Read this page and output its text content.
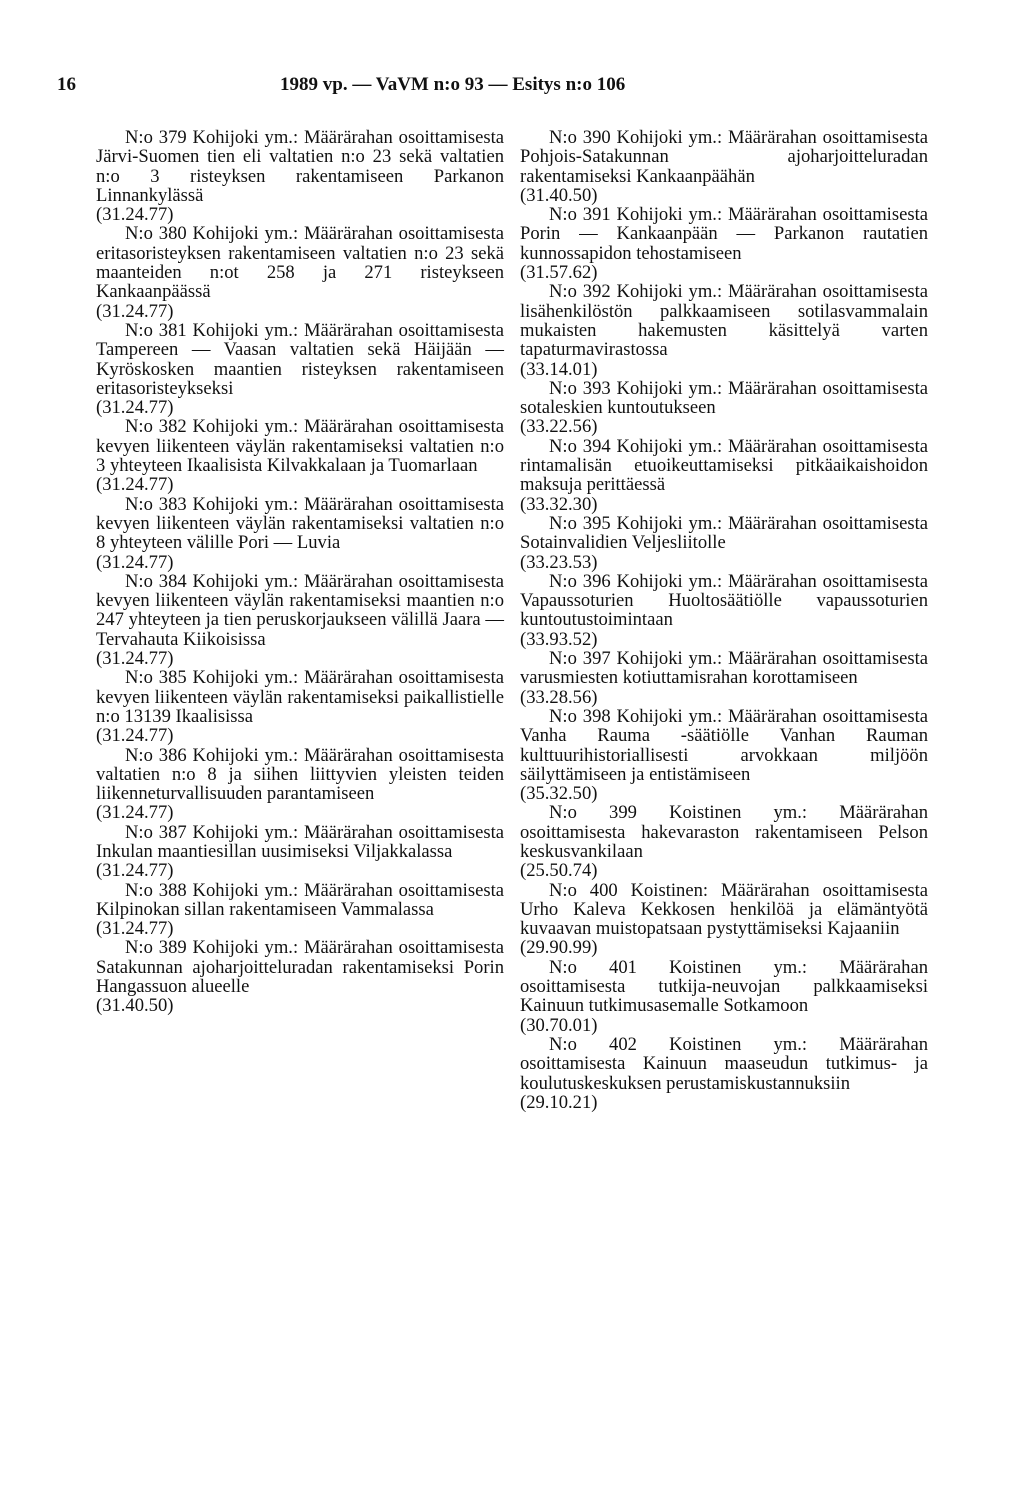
16	1989 vp. — VaVM n:o 93 — Esitys n:o 106
N:o 379 Kohijoki ym.: Määrärahan osoittamisesta Järvi-Suomen tien eli valtatien n:o 23 sekä valtatien n:o 3 risteyksen rakentamiseen Parkanon Linnankylässä
(31.24.77)
N:o 380 Kohijoki ym.: Määrärahan osoittamisesta eritasoristeyksen rakentamiseen valtatien n:o 23 sekä maanteiden n:ot 258 ja 271 risteykseen Kankaanpäässä
(31.24.77)
N:o 381 Kohijoki ym.: Määrärahan osoittamisesta Tampereen — Vaasan valtatien sekä Häijään — Kyröskosken maantien risteyksen rakentamiseen eritasoristeykseksi
(31.24.77)
N:o 382 Kohijoki ym.: Määrärahan osoittamisesta kevyen liikenteen väylän rakentamiseksi valtatien n:o 3 yhteyteen Ikaalisista Kilvakkalaan ja Tuomarlaan
(31.24.77)
N:o 383 Kohijoki ym.: Määrärahan osoittamisesta kevyen liikenteen väylän rakentamiseksi valtatien n:o 8 yhteyteen välille Pori — Luvia
(31.24.77)
N:o 384 Kohijoki ym.: Määrärahan osoittamisesta kevyen liikenteen väylän rakentamiseksi maantien n:o 247 yhteyteen ja tien peruskorjaukseen välillä Jaara — Tervahauta Kiikoisissa
(31.24.77)
N:o 385 Kohijoki ym.: Määrärahan osoittamisesta kevyen liikenteen väylän rakentamiseksi paikallistielle n:o 13139 Ikaalisissa
(31.24.77)
N:o 386 Kohijoki ym.: Määrärahan osoittamisesta valtatien n:o 8 ja siihen liittyvien yleisten teiden liikenneturvallisuuden parantamiseen
(31.24.77)
N:o 387 Kohijoki ym.: Määrärahan osoittamisesta Inkulan maantiesillan uusimiseksi Viljakkalassa
(31.24.77)
N:o 388 Kohijoki ym.: Määrärahan osoittamisesta Kilpinokan sillan rakentamiseen Vammalassa
(31.24.77)
N:o 389 Kohijoki ym.: Määrärahan osoittamisesta Satakunnan ajoharjoitteluradan rakentamiseksi Porin Hangassuon alueelle
(31.40.50)
N:o 390 Kohijoki ym.: Määrärahan osoittamisesta Pohjois-Satakunnan ajoharjoitteluradan rakentamiseksi Kankaanpäähän
(31.40.50)
N:o 391 Kohijoki ym.: Määrärahan osoittamisesta Porin — Kankaanpään — Parkanon rautatien kunnossapidon tehostamiseen
(31.57.62)
N:o 392 Kohijoki ym.: Määrärahan osoittamisesta lisähenkilöstön palkkaamiseen sotilasvammalain mukaisten hakemusten käsittelyä varten tapaturmavirastossa
(33.14.01)
N:o 393 Kohijoki ym.: Määrärahan osoittamisesta sotaleskien kuntoutukseen
(33.22.56)
N:o 394 Kohijoki ym.: Määrärahan osoittamisesta rintamalisän etuoikeuttamiseksi pitkäaikaishoidon maksuja perittäessä
(33.32.30)
N:o 395 Kohijoki ym.: Määrärahan osoittamisesta Sotainvalidien Veljesliitolle
(33.23.53)
N:o 396 Kohijoki ym.: Määrärahan osoittamisesta Vapaussoturien Huoltosäätiölle vapaussoturien kuntoutustoimintaan
(33.93.52)
N:o 397 Kohijoki ym.: Määrärahan osoittamisesta varusmiesten kotiuttamisrahan korottamiseen
(33.28.56)
N:o 398 Kohijoki ym.: Määrärahan osoittamisesta Vanha Rauma -säätiölle Vanhan Rauman kulttuurihistoriallisesti arvokkaan miljöön säilyttämiseen ja entistämiseen
(35.32.50)
N:o 399 Koistinen ym.: Määrärahan osoittamisesta hakevaraston rakentamiseen Pelson keskusvankilaan
(25.50.74)
N:o 400 Koistinen: Määrärahan osoittamisesta Urho Kaleva Kekkosen henkilöä ja elämäntyötä kuvaavan muistopatsaan pystyttämiseksi Kajaaniin
(29.90.99)
N:o 401 Koistinen ym.: Määrärahan osoittamisesta tutkija-neuvojan palkkaamiseksi Kainuun tutkimusasemalle Sotkamoon
(30.70.01)
N:o 402 Koistinen ym.: Määrärahan osoittamisesta Kainuun maaseudun tutkimus- ja koulutuskeskuksen perustamiskustannuksiin
(29.10.21)
